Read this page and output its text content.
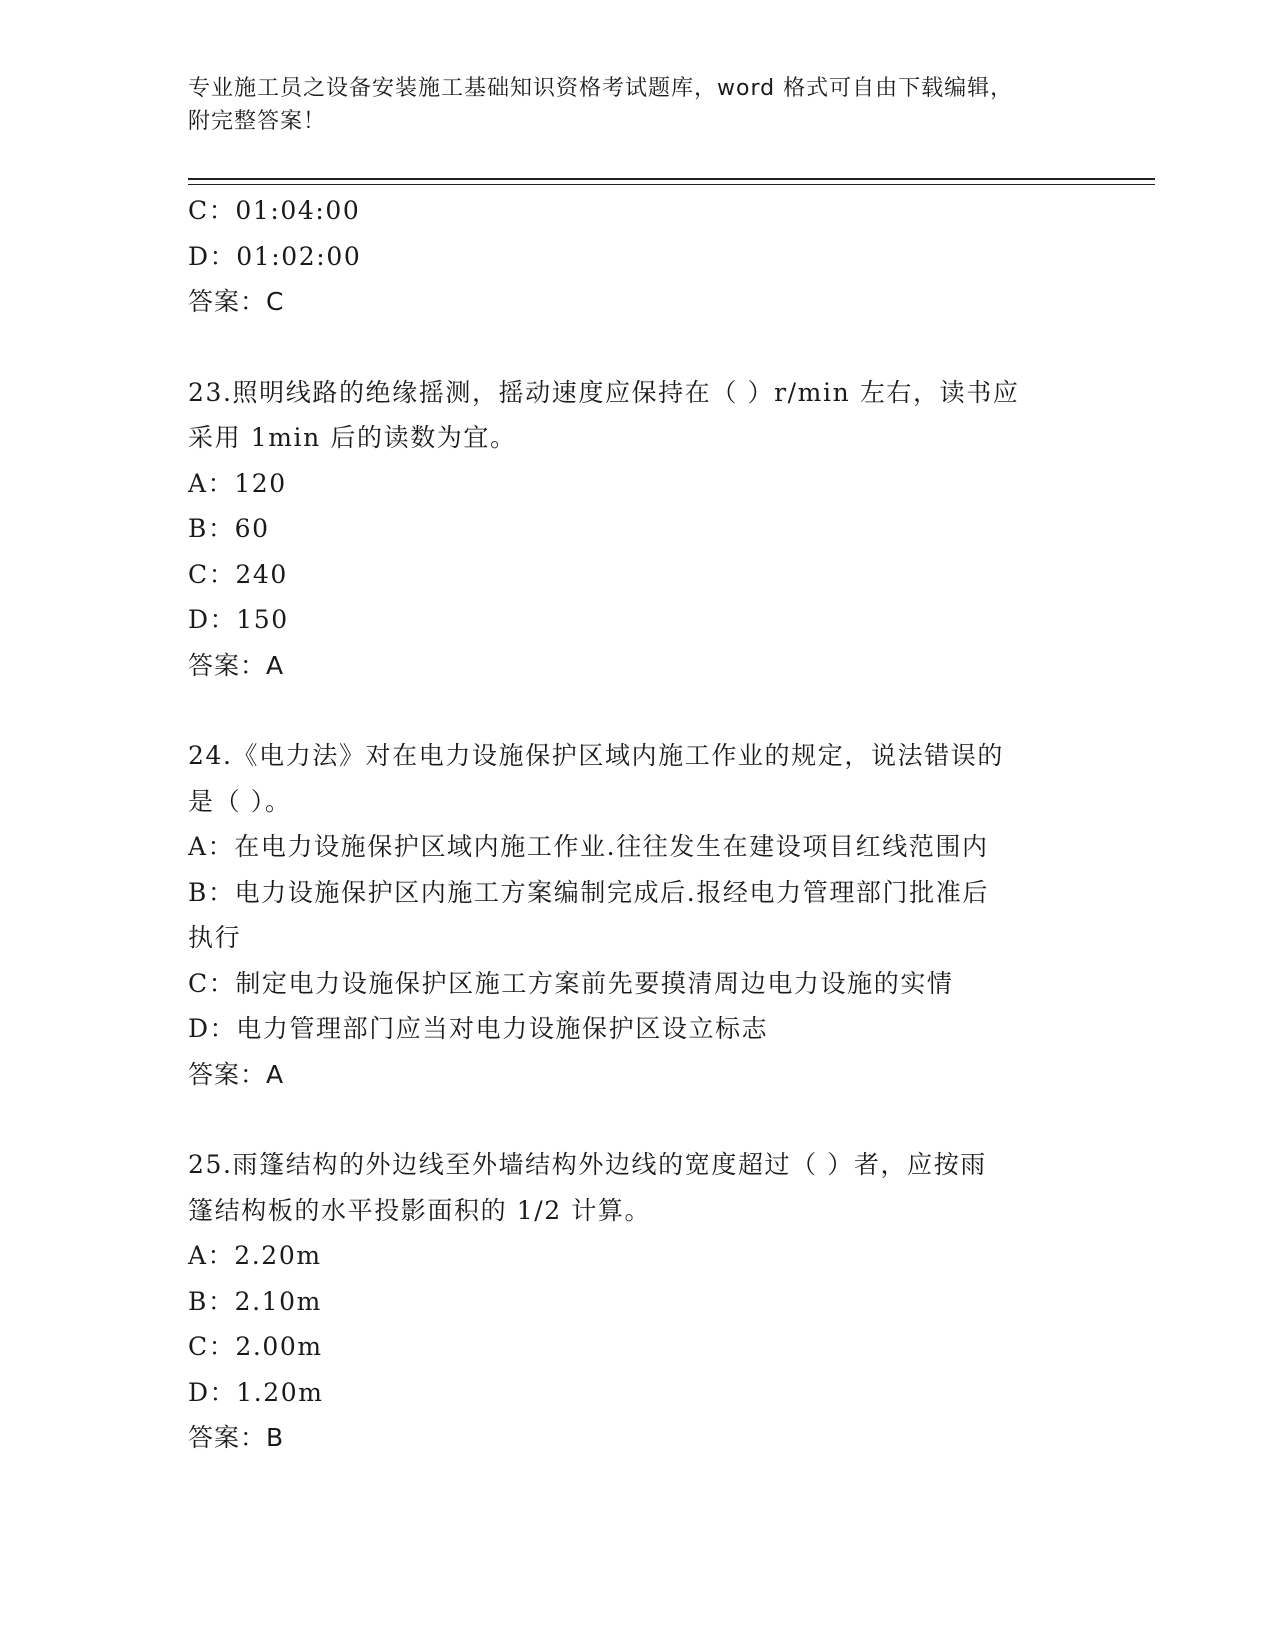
专业施工员之设备安装施工基础知识资格考试题库，word 格式可自由下载编辑，
附完整答案！
C：01:04:00
D：01:02:00
答案：C
23.照明线路的绝缘摇测，摇动速度应保持在（ ）r/min 左右，读书应
采用 1min 后的读数为宜。
A：120
B：60
C：240
D：150
答案：A
24.《电力法》对在电力设施保护区域内施工作业的规定，说法错误的
是（ ）。
A：在电力设施保护区域内施工作业.往往发生在建设项目红线范围内
B：电力设施保护区内施工方案编制完成后.报经电力管理部门批准后
执行
C：制定电力设施保护区施工方案前先要摸清周边电力设施的实情
D：电力管理部门应当对电力设施保护区设立标志
答案：A
25.雨篷结构的外边线至外墙结构外边线的宽度超过（ ）者，应按雨
篷结构板的水平投影面积的 1/2 计算。
A：2.20m
B：2.10m
C：2.00m
D：1.20m
答案：B
